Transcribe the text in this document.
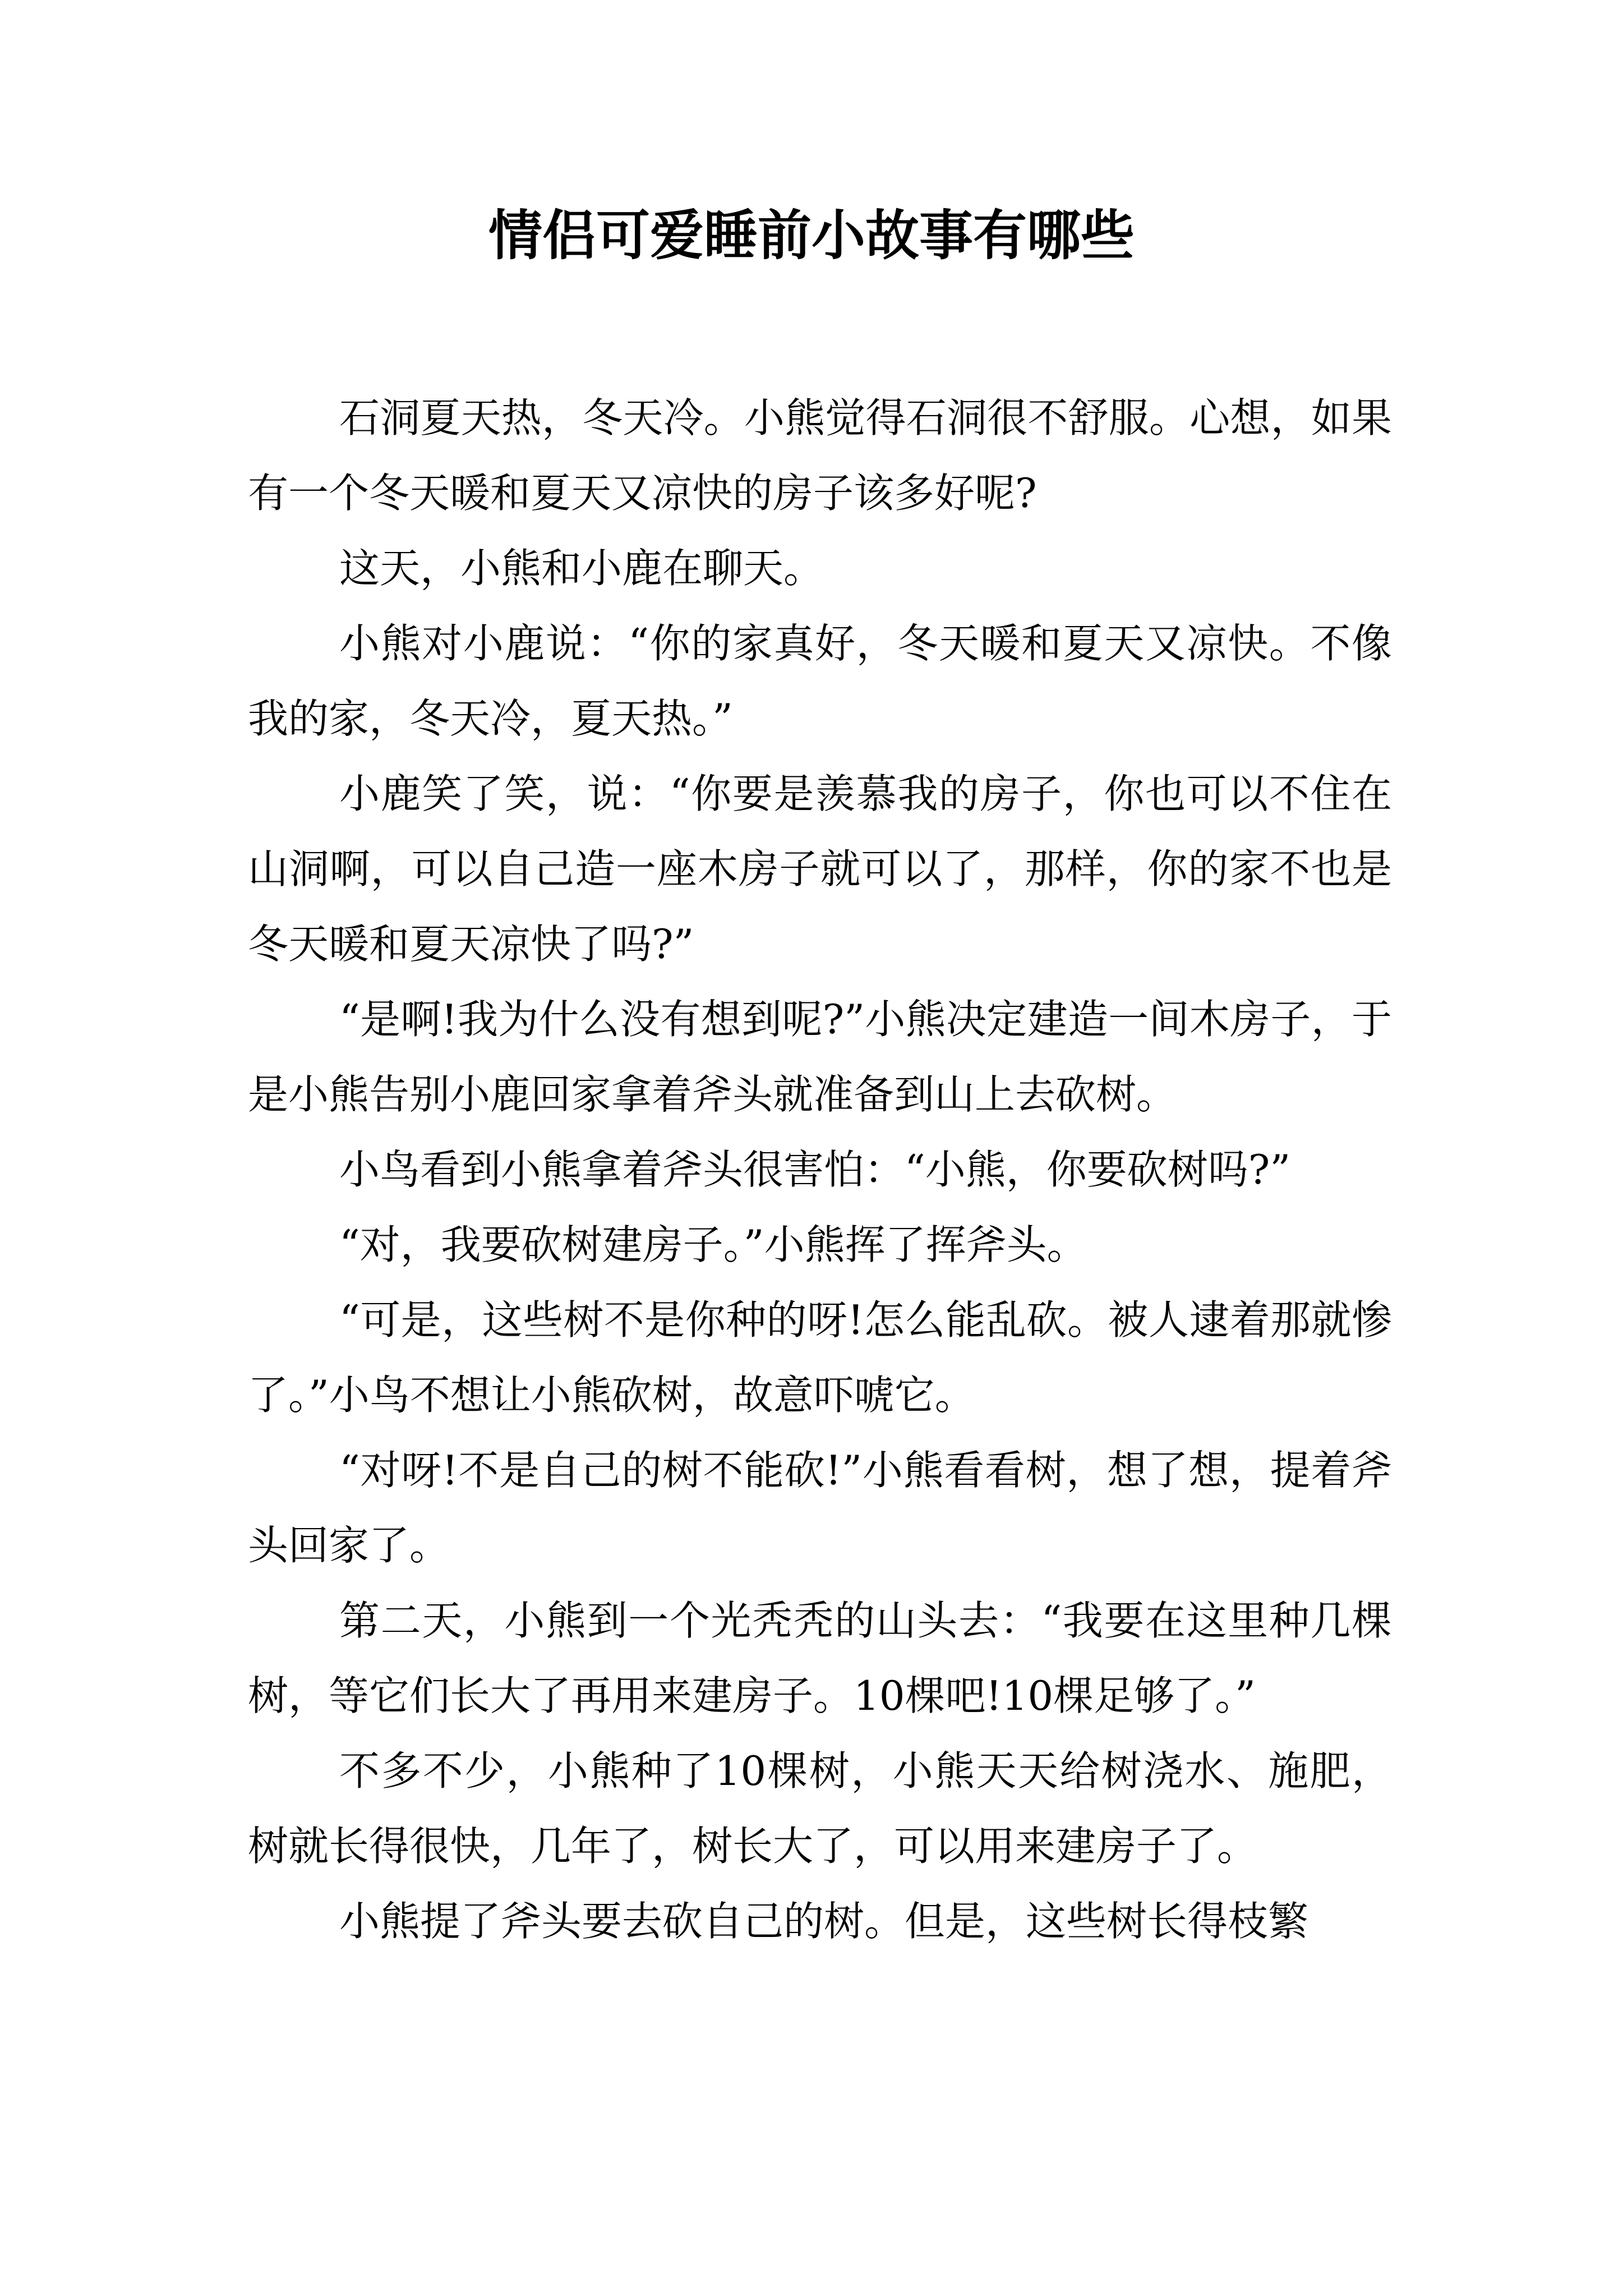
情侣可爱睡前小故事有哪些

石洞夏天热，冬天冷。小熊觉得石洞很不舒服。心想，如果有一个冬天暖和夏天又凉快的房子该多好呢?

这天，小熊和小鹿在聊天。

小熊对小鹿说：“你的家真好，冬天暖和夏天又凉快。不像我的家，冬天冷，夏天热。”

小鹿笑了笑，说：“你要是羡慕我的房子，你也可以不住在山洞啊，可以自己造一座木房子就可以了，那样，你的家不也是冬天暖和夏天凉快了吗?”

“是啊!我为什么没有想到呢?”小熊决定建造一间木房子，于是小熊告别小鹿回家拿着斧头就准备到山上去砍树。

小鸟看到小熊拿着斧头很害怕：“小熊，你要砍树吗?”

“对，我要砍树建房子。”小熊挥了挥斧头。

“可是，这些树不是你种的呀!怎么能乱砍。被人逮着那就惨了。”小鸟不想让小熊砍树，故意吓唬它。

“对呀!不是自己的树不能砍!”小熊看看树，想了想，提着斧头回家了。

第二天，小熊到一个光秃秃的山头去：“我要在这里种几棵树，等它们长大了再用来建房子。10棵吧!10棵足够了。”

不多不少，小熊种了10棵树，小熊天天给树浇水、施肥，树就长得很快，几年了，树长大了，可以用来建房子了。

小熊提了斧头要去砍自己的树。但是，这些树长得枝繁
